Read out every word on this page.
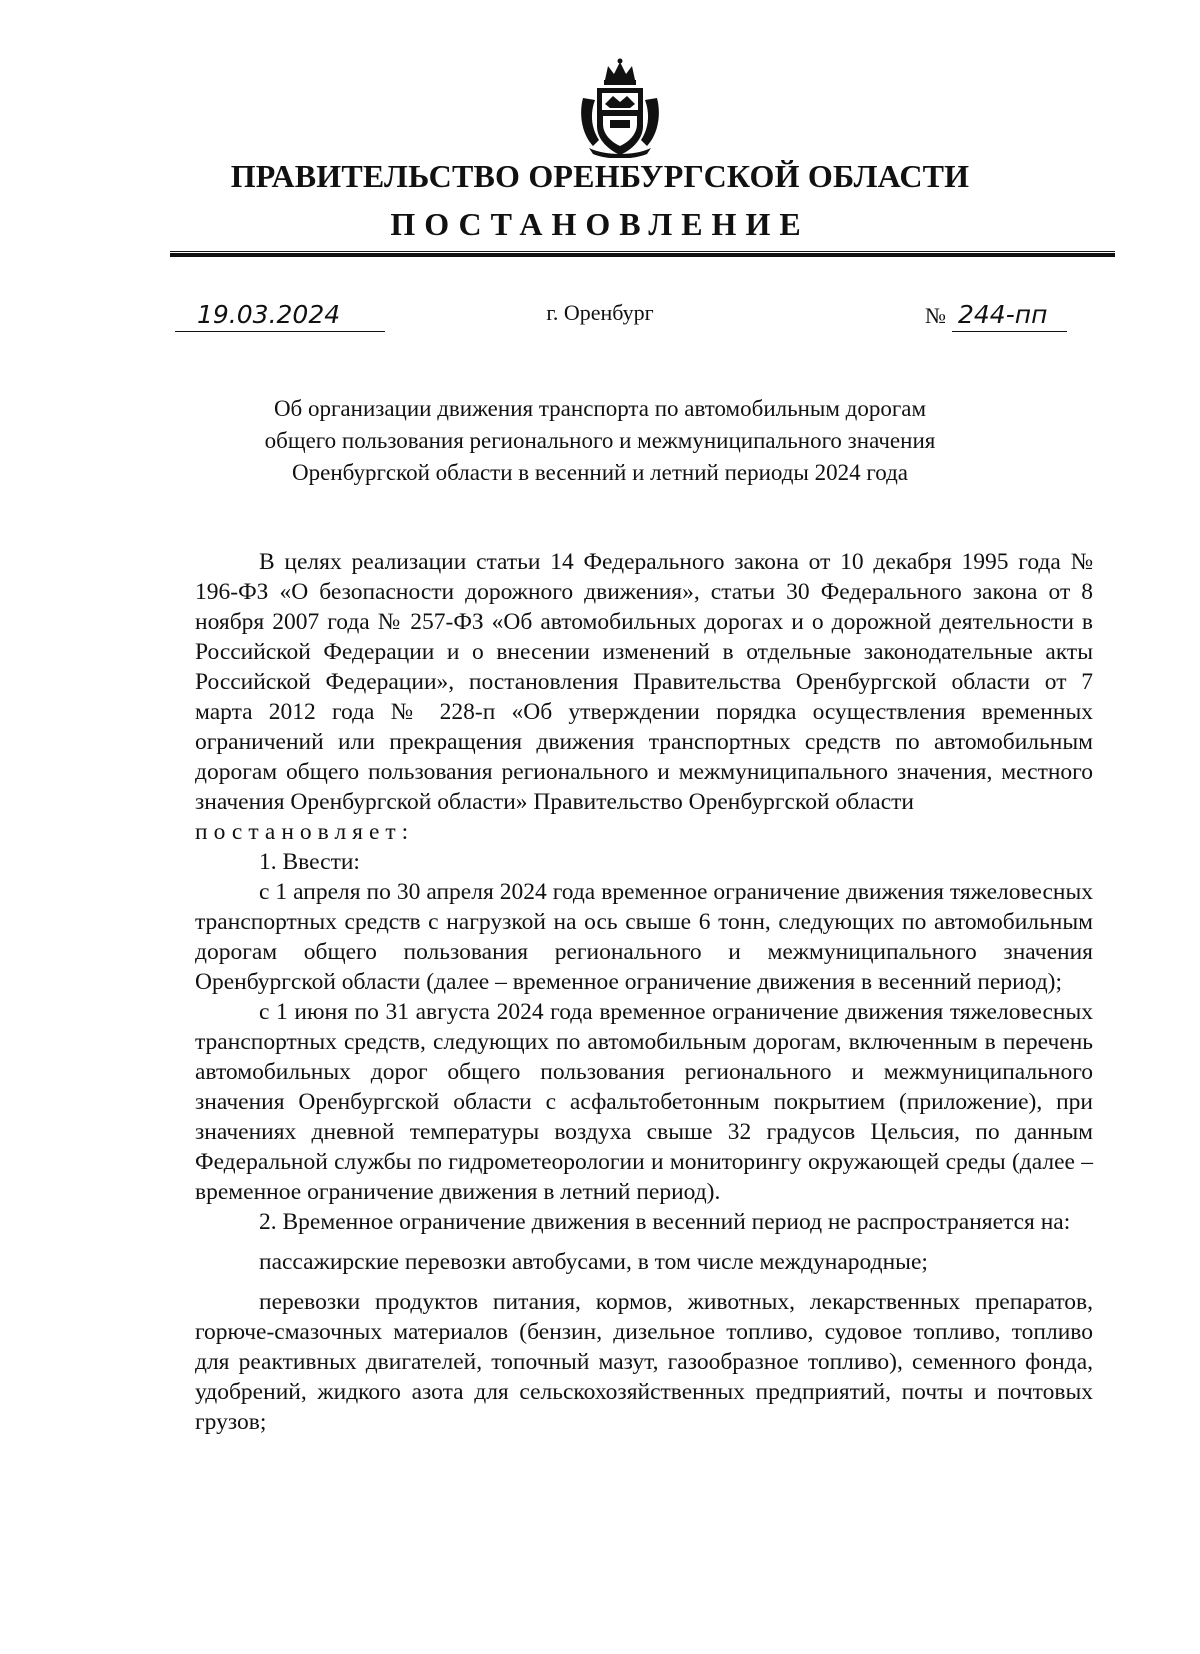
ПРАВИТЕЛЬСТВО ОРЕНБУРГСКОЙ ОБЛАСТИ
ПОСТАНОВЛЕНИЕ
19.03.2024	г. Оренбург	№ 244-пп
Об организации движения транспорта по автомобильным дорогам
общего пользования регионального и межмуниципального значения
Оренбургской области в весенний и летний периоды 2024 года

В целях реализации статьи 14 Федерального закона от 10 декабря 1995 года № 196-ФЗ «О безопасности дорожного движения», статьи 30 Федерального закона от 8 ноября 2007 года № 257-ФЗ «Об автомобильных дорогах и о дорожной деятельности в Российской Федерации и о внесении изменений в отдельные законодательные акты Российской Федерации», постановления Правительства Оренбургской области от 7 марта 2012 года № 228-п «Об утверждении порядка осуществления временных ограничений или прекращения движения транспортных средств по автомобильным дорогам общего пользования регионального и межмуниципального значения, местного значения Оренбургской области» Правительство Оренбургской области

постановляет:

1. Ввести:

с 1 апреля по 30 апреля 2024 года временное ограничение движения тяжеловесных транспортных средств с нагрузкой на ось свыше 6 тонн, следующих по автомобильным дорогам общего пользования регионального и межмуниципального значения Оренбургской области (далее – временное ограничение движения в весенний период);

с 1 июня по 31 августа 2024 года временное ограничение движения тяжеловесных транспортных средств, следующих по автомобильным дорогам, включенным в перечень автомобильных дорог общего пользования регионального и межмуниципального значения Оренбургской области с асфальтобетонным покрытием (приложение), при значениях дневной температуры воздуха свыше 32 градусов Цельсия, по данным Федеральной службы по гидрометеорологии и мониторингу окружающей среды (далее – временное ограничение движения в летний период).

2. Временное ограничение движения в весенний период не распространяется на:

пассажирские перевозки автобусами, в том числе международные;

перевозки продуктов питания, кормов, животных, лекарственных препаратов, горюче-смазочных материалов (бензин, дизельное топливо, судовое топливо, топливо для реактивных двигателей, топочный мазут, газообразное топливо), семенного фонда, удобрений, жидкого азота для сельскохозяйственных предприятий, почты и почтовых грузов;
